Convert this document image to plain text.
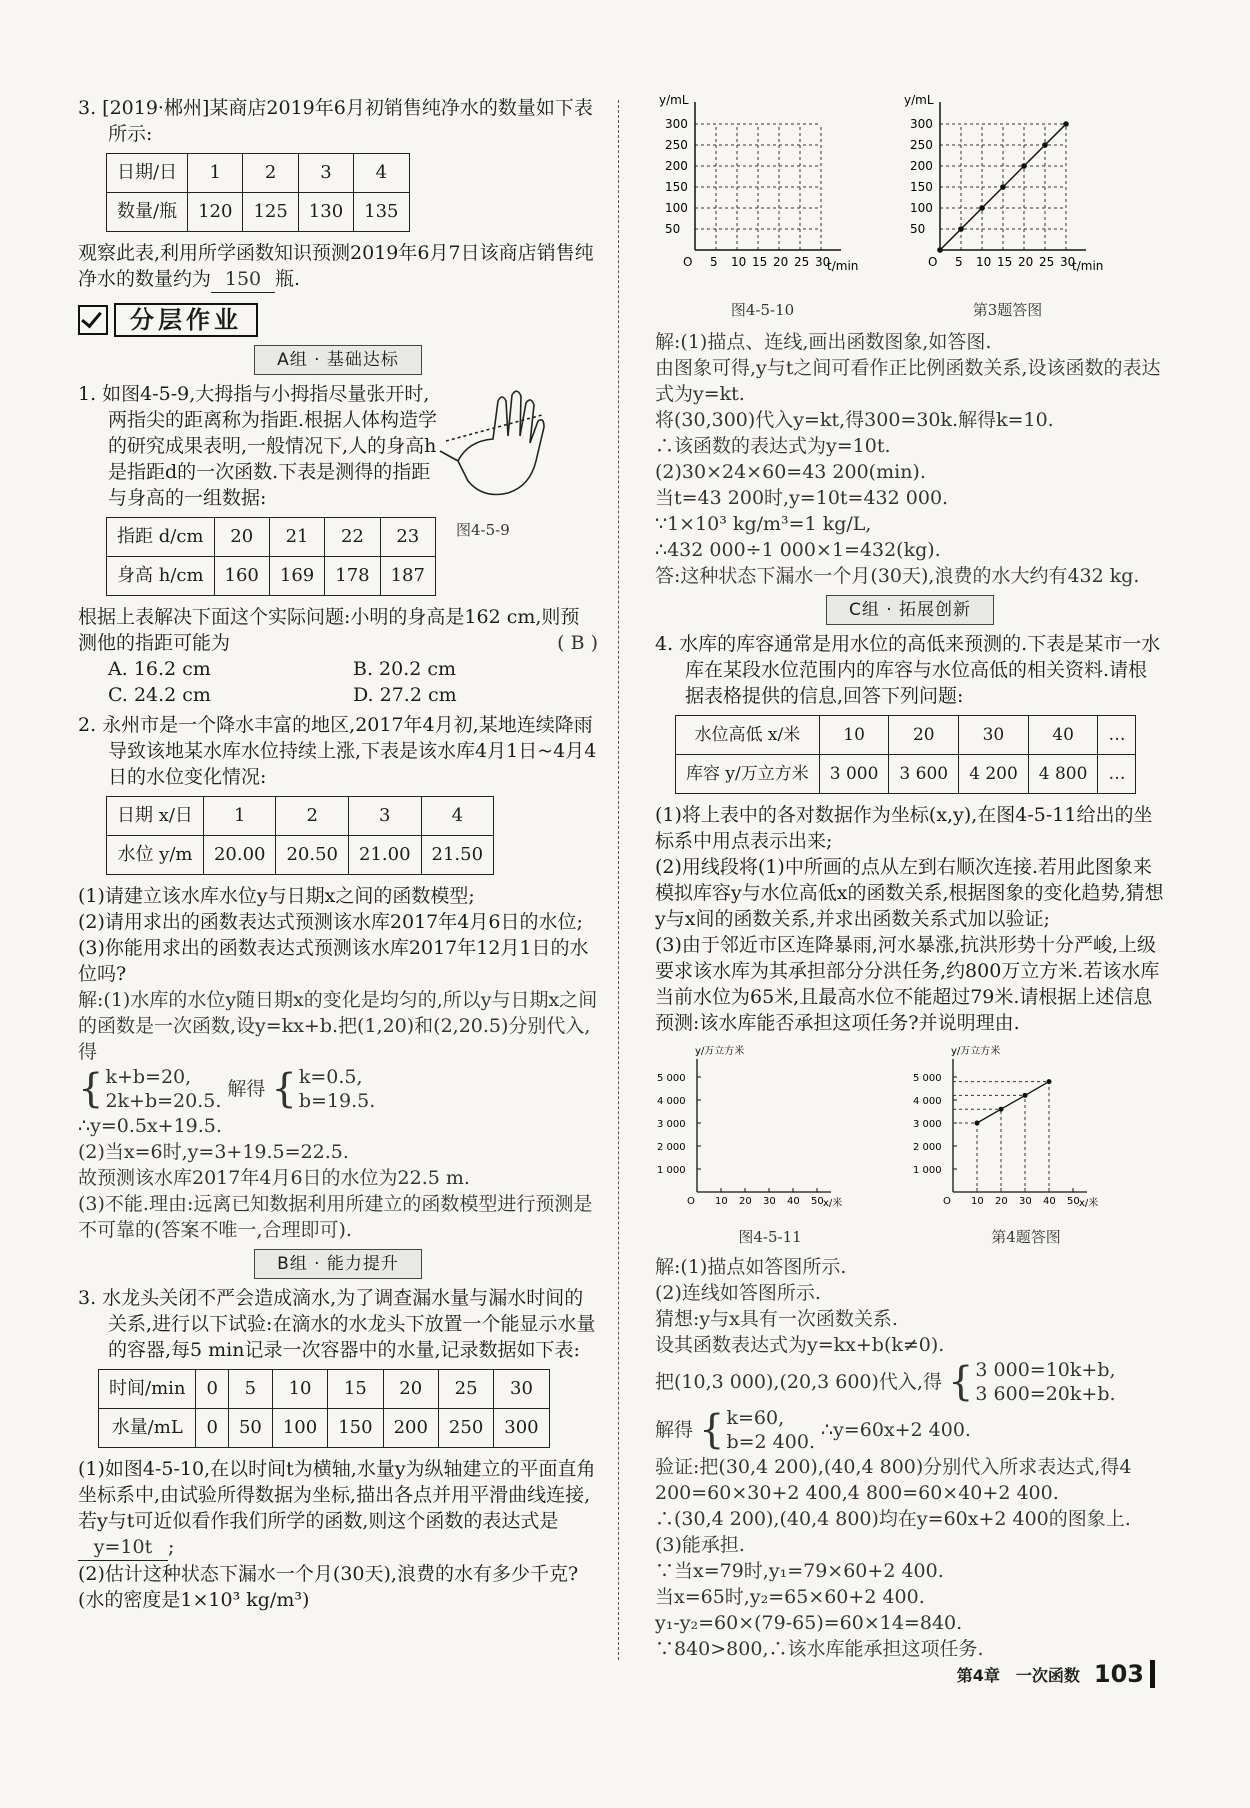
3. [2019·郴州]某商店2019年6月初销售纯净水的数量如下表所示:

日期/日	1	2	3	4
数量/瓶	120	125	130	135

观察此表,利用所学函数知识预测2019年6月7日该商店销售纯净水的数量约为 150 瓶.

分层作业
A组 · 基础达标

1. 如图4-5-9,大拇指与小拇指尽量张开时,两指尖的距离称为指距.根据人体构造学的研究成果表明,一般情况下,人的身高h是指距d的一次函数.下表是测得的指距与身高的一组数据:

图4-5-9
指距 d/cm	20	21	22	23
身高 h/cm	160	169	178	187

根据上表解决下面这个实际问题:小明的身高是162 cm,则预测他的指距可能为	( B )

A. 16.2 cm	B. 20.2 cm

C. 24.2 cm	D. 27.2 cm

2. 永州市是一个降水丰富的地区,2017年4月初,某地连续降雨导致该地某水库水位持续上涨,下表是该水库4月1日~4月4日的水位变化情况:

日期 x/日	1	2	3	4
水位 y/m	20.00	20.50	21.00	21.50

(1)请建立该水库水位y与日期x之间的函数模型;

(2)请用求出的函数表达式预测该水库2017年4月6日的水位;

(3)你能用求出的函数表达式预测该水库2017年12月1日的水位吗?

解:(1)水库的水位y随日期x的变化是均匀的,所以y与日期x之间的函数是一次函数,设y=kx+b.把(1,20)和(2,20.5)分别代入,得

{ k+b=20,
2k+b=20.5.
解得 { k=0.5,
b=19.5.

∴y=0.5x+19.5.

(2)当x=6时,y=3+19.5=22.5.

故预测该水库2017年4月6日的水位为22.5 m.

(3)不能.理由:远离已知数据利用所建立的函数模型进行预测是不可靠的(答案不唯一,合理即可).

B组 · 能力提升

3. 水龙头关闭不严会造成滴水,为了调查漏水量与漏水时间的关系,进行以下试验:在滴水的水龙头下放置一个能显示水量的容器,每5 min记录一次容器中的水量,记录数据如下表:

时间/min	0	5	10	15	20	25	30
水量/mL	0	50	100	150	200	250	300

(1)如图4-5-10,在以时间t为横轴,水量y为纵轴建立的平面直角坐标系中,由试验所得数据为坐标,描出各点并用平滑曲线连接,若y与t可近似看作我们所学的函数,则这个函数的表达式是y=10t ;

(2)估计这种状态下漏水一个月(30天),浪费的水有多少千克?(水的密度是1×10³ kg/m³)

y/mL
t/min
O
300
250
200
150
100
50
5 10 15 20 25 30
图4-5-10
y/mL
t/min
O
300
250
200
150
100
50
5 10 15 20 25 30
第3题答图

解:(1)描点、连线,画出函数图象,如答图.

由图象可得,y与t之间可看作正比例函数关系,设该函数的表达式为y=kt.

将(30,300)代入y=kt,得300=30k.解得k=10.

∴该函数的表达式为y=10t.

(2)30×24×60=43 200(min).

当t=43 200时,y=10t=432 000.

∵1×10³ kg/m³=1 kg/L,

∴432 000÷1 000×1=432(kg).

答:这种状态下漏水一个月(30天),浪费的水大约有432 kg.

C组 · 拓展创新

4. 水库的库容通常是用水位的高低来预测的.下表是某市一水库在某段水位范围内的库容与水位高低的相关资料.请根据表格提供的信息,回答下列问题:

水位高低 x/米	10	20	30	40	…
库容 y/万立方米	3 000	3 600	4 200	4 800	…

(1)将上表中的各对数据作为坐标(x,y),在图4-5-11给出的坐标系中用点表示出来;

(2)用线段将(1)中所画的点从左到右顺次连接.若用此图象来模拟库容y与水位高低x的函数关系,根据图象的变化趋势,猜想y与x间的函数关系,并求出函数关系式加以验证;

(3)由于邻近市区连降暴雨,河水暴涨,抗洪形势十分严峻,上级要求该水库为其承担部分分洪任务,约800万立方米.若该水库当前水位为65米,且最高水位不能超过79米.请根据上述信息预测:该水库能否承担这项任务?并说明理由.

y/万立方米
x/米
O
5 000
4 000
3 000
2 000
1 000
10 20 30 40 50
图4-5-11
y/万立方米
x/米
O
5 000
4 000
3 000
2 000
1 000
10 20 30 40 50
第4题答图

解:(1)描点如答图所示.

(2)连线如答图所示.

猜想:y与x具有一次函数关系.

设其函数表达式为y=kx+b(k≠0).

把(10,3 000),(20,3 600)代入,得 { 3 000=10k+b,
3 600=20k+b.
解得 { k=60,
b=2 400.
∴y=60x+2 400.

验证:把(30,4 200),(40,4 800)分别代入所求表达式,得4 200=60×30+2 400,4 800=60×40+2 400.

∴(30,4 200),(40,4 800)均在y=60x+2 400的图象上.

(3)能承担.

∵当x=79时,y₁=79×60+2 400.

当x=65时,y₂=65×60+2 400.

y₁-y₂=60×(79-65)=60×14=840.

∵840>800,∴该水库能承担这项任务.

第4章　一次函数 103
